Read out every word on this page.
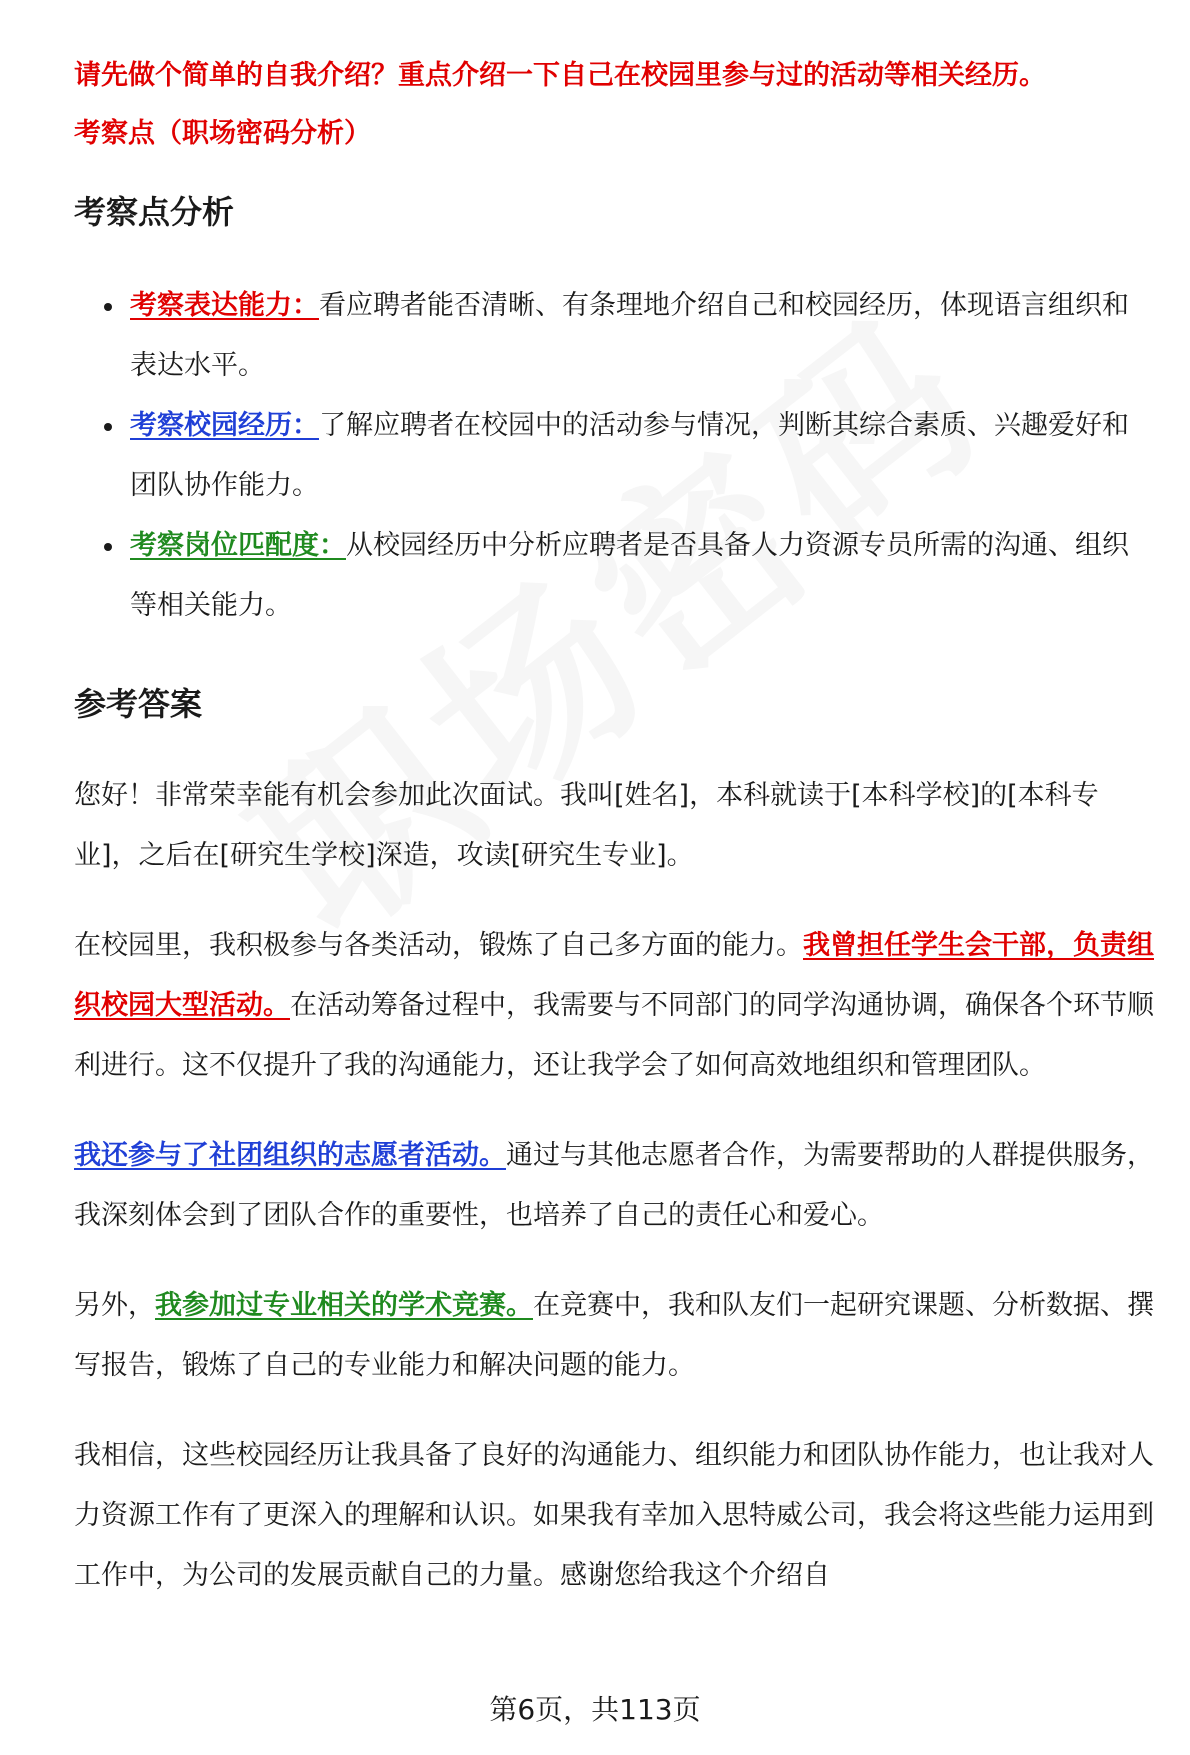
请先做个简单的自我介绍？重点介绍一下自己在校园里参与过的活动等相关经历。

考察点（职场密码分析）

考察点分析
考察表达能力：看应聘者能否清晰、有条理地介绍自己和校园经历，体现语言组织和表达水平。
考察校园经历：了解应聘者在校园中的活动参与情况，判断其综合素质、兴趣爱好和团队协作能力。
考察岗位匹配度：从校园经历中分析应聘者是否具备人力资源专员所需的沟通、组织等相关能力。
参考答案

您好！非常荣幸能有机会参加此次面试。我叫[姓名]，本科就读于[本科学校]的[本科专业]，之后在[研究生学校]深造，攻读[研究生专业]。

在校园里，我积极参与各类活动，锻炼了自己多方面的能力。我曾担任学生会干部，负责组织校园大型活动。在活动筹备过程中，我需要与不同部门的同学沟通协调，确保各个环节顺利进行。这不仅提升了我的沟通能力，还让我学会了如何高效地组织和管理团队。

我还参与了社团组织的志愿者活动。通过与其他志愿者合作，为需要帮助的人群提供服务，我深刻体会到了团队合作的重要性，也培养了自己的责任心和爱心。

另外，我参加过专业相关的学术竞赛。在竞赛中，我和队友们一起研究课题、分析数据、撰写报告，锻炼了自己的专业能力和解决问题的能力。

我相信，这些校园经历让我具备了良好的沟通能力、组织能力和团队协作能力，也让我对人力资源工作有了更深入的理解和认识。如果我有幸加入思特威公司，我会将这些能力运用到工作中，为公司的发展贡献自己的力量。感谢您给我这个介绍自

第6页，共113页
